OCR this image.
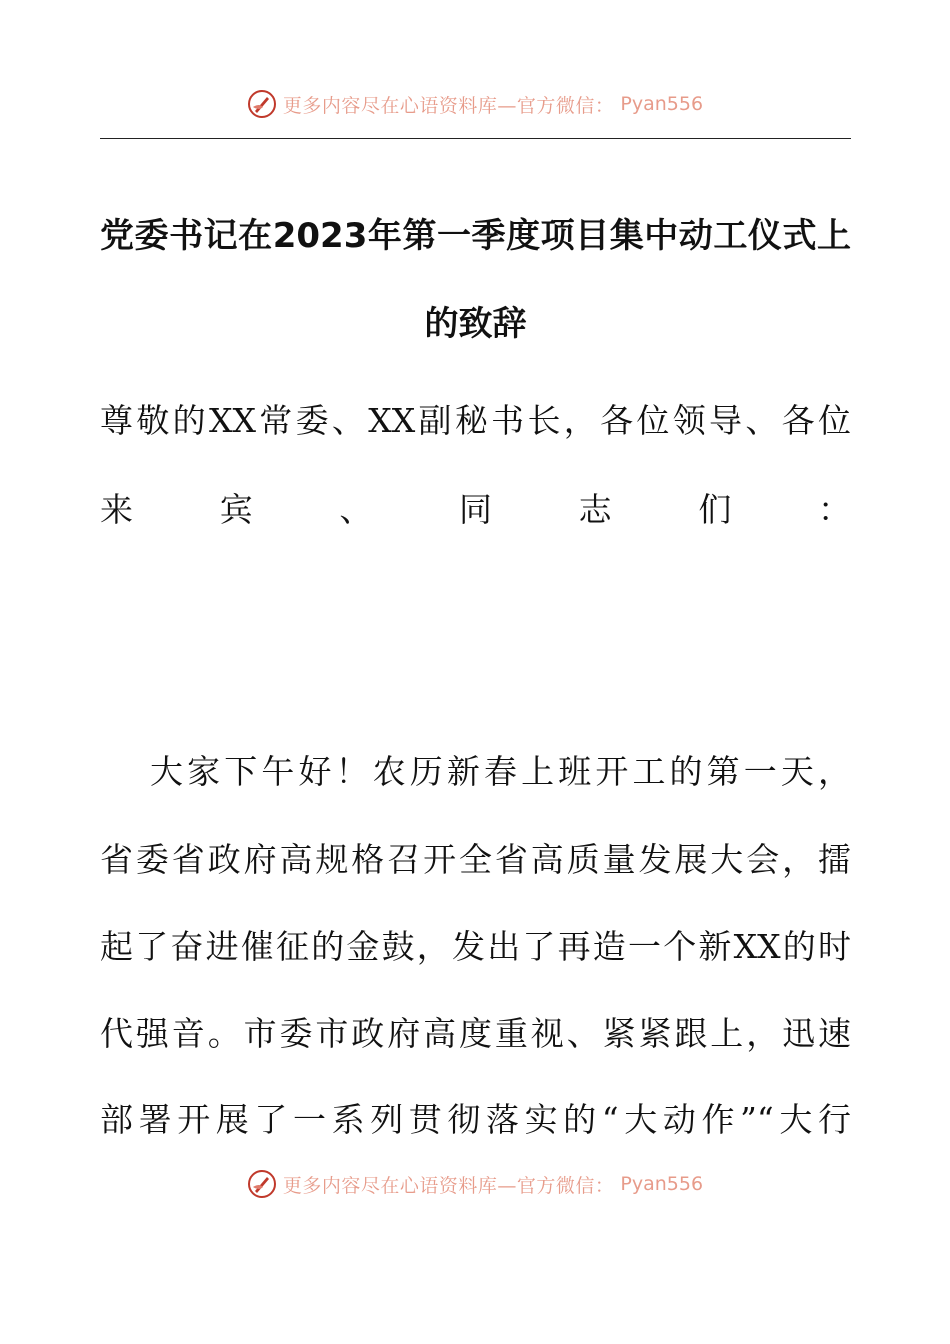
更多内容尽在心语资料库—官方微信： Pyan556
党委书记在2023年第一季度项目集中动工仪式上
的致辞
尊敬的XX常委、XX副秘书长，各位领导、各位
来宾、同志们：
大家下午好！农历新春上班开工的第一天，
省委省政府高规格召开全省高质量发展大会，擂
起了奋进催征的金鼓，发出了再造一个新XX的时
代强音。市委市政府高度重视、紧紧跟上，迅速
部署开展了一系列贯彻落实的“大动作”“大行
更多内容尽在心语资料库—官方微信： Pyan556
